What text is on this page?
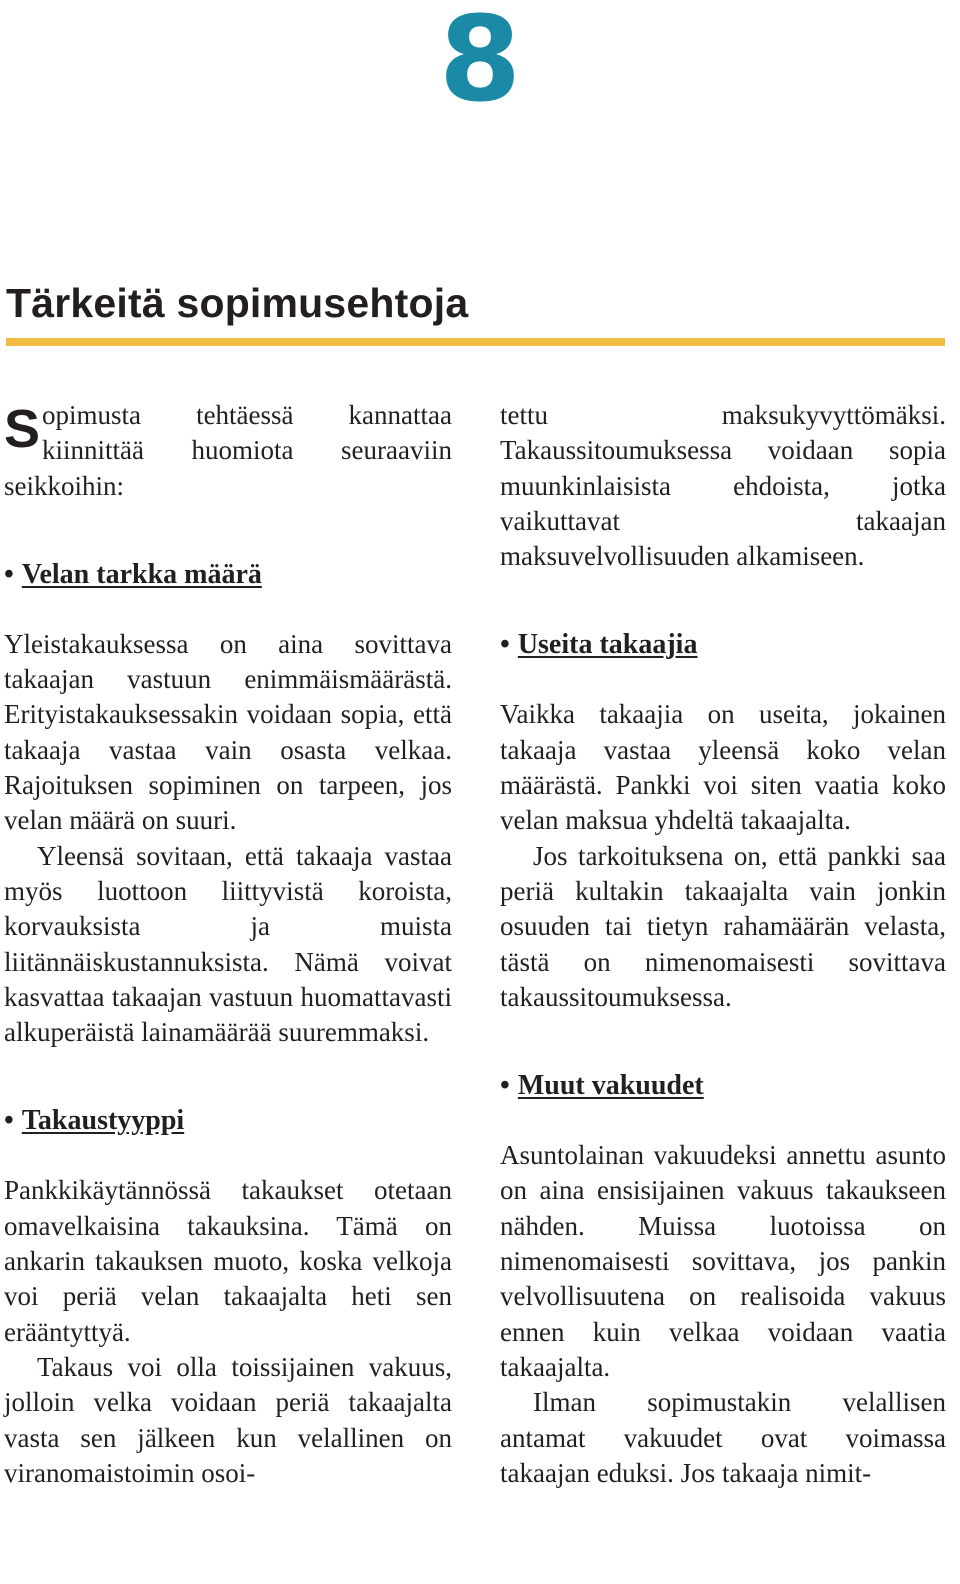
8
Tärkeitä sopimusehtoja

Sopimusta tehtäessä kannattaa kiinnittää huomiota seuraaviin seikkoihin:

• Velan tarkka määrä

Yleistakauksessa on aina sovittava takaajan vastuun enimmäismäärästä. Erityistakauksessakin voidaan sopia, että takaaja vastaa vain osasta velkaa. Rajoituksen sopiminen on tarpeen, jos velan määrä on suuri.

Yleensä sovitaan, että takaaja vastaa myös luottoon liittyvistä koroista, korvauksista ja muista liitännäiskustannuksista. Nämä voivat kasvattaa takaajan vastuun huomattavasti alkuperäistä lainamäärää suuremmaksi.

• Takaustyyppi

Pankkikäytännössä takaukset otetaan omavelkaisina takauksina. Tämä on ankarin takauksen muoto, koska velkoja voi periä velan takaajalta heti sen erääntyttyä.

Takaus voi olla toissijainen vakuus, jolloin velka voidaan periä takaajalta vasta sen jälkeen kun velallinen on viranomaistoimin osoi-

tettu maksukyvyttömäksi. Takaussitoumuksessa voidaan sopia muunkinlaisista ehdoista, jotka vaikuttavat takaajan maksuvelvollisuuden alkamiseen.

• Useita takaajia

Vaikka takaajia on useita, jokainen takaaja vastaa yleensä koko velan määrästä. Pankki voi siten vaatia koko velan maksua yhdeltä takaajalta.

Jos tarkoituksena on, että pankki saa periä kultakin takaajalta vain jonkin osuuden tai tietyn rahamäärän velasta, tästä on nimenomaisesti sovittava takaussitoumuksessa.

• Muut vakuudet

Asuntolainan vakuudeksi annettu asunto on aina ensisijainen vakuus takaukseen nähden. Muissa luotoissa on nimenomaisesti sovittava, jos pankin velvollisuutena on realisoida vakuus ennen kuin velkaa voidaan vaatia takaajalta.

Ilman sopimustakin velallisen antamat vakuudet ovat voimassa takaajan eduksi. Jos takaaja nimit-
